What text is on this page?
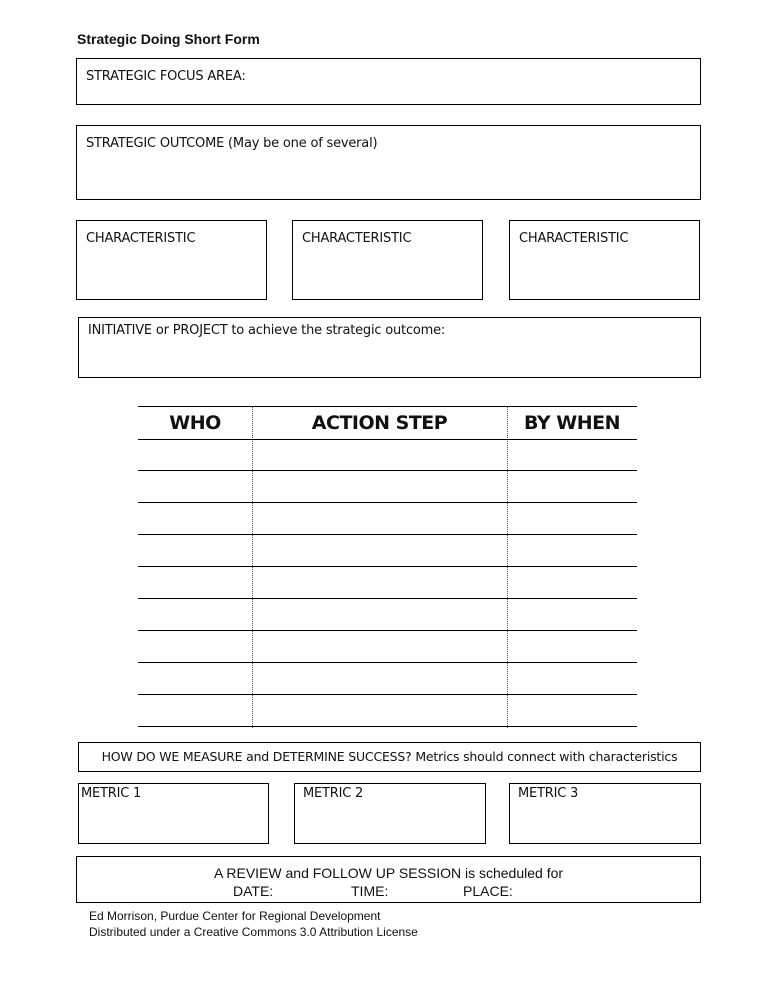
Strategic Doing Short Form
STRATEGIC FOCUS AREA:
STRATEGIC OUTCOME (May be one of several)
CHARACTERISTIC	CHARACTERISTIC	CHARACTERISTIC
INITIATIVE or PROJECT to achieve the strategic outcome:
WHO	ACTION STEP	BY WHEN
HOW DO WE MEASURE and DETERMINE SUCCESS? Metrics should connect with characteristics
METRIC 1	METRIC 2	METRIC 3
A REVIEW and FOLLOW UP SESSION is scheduled for
DATE:	TIME:	PLACE:
Ed Morrison, Purdue Center for Regional Development
Distributed under a Creative Commons 3.0 Attribution License
